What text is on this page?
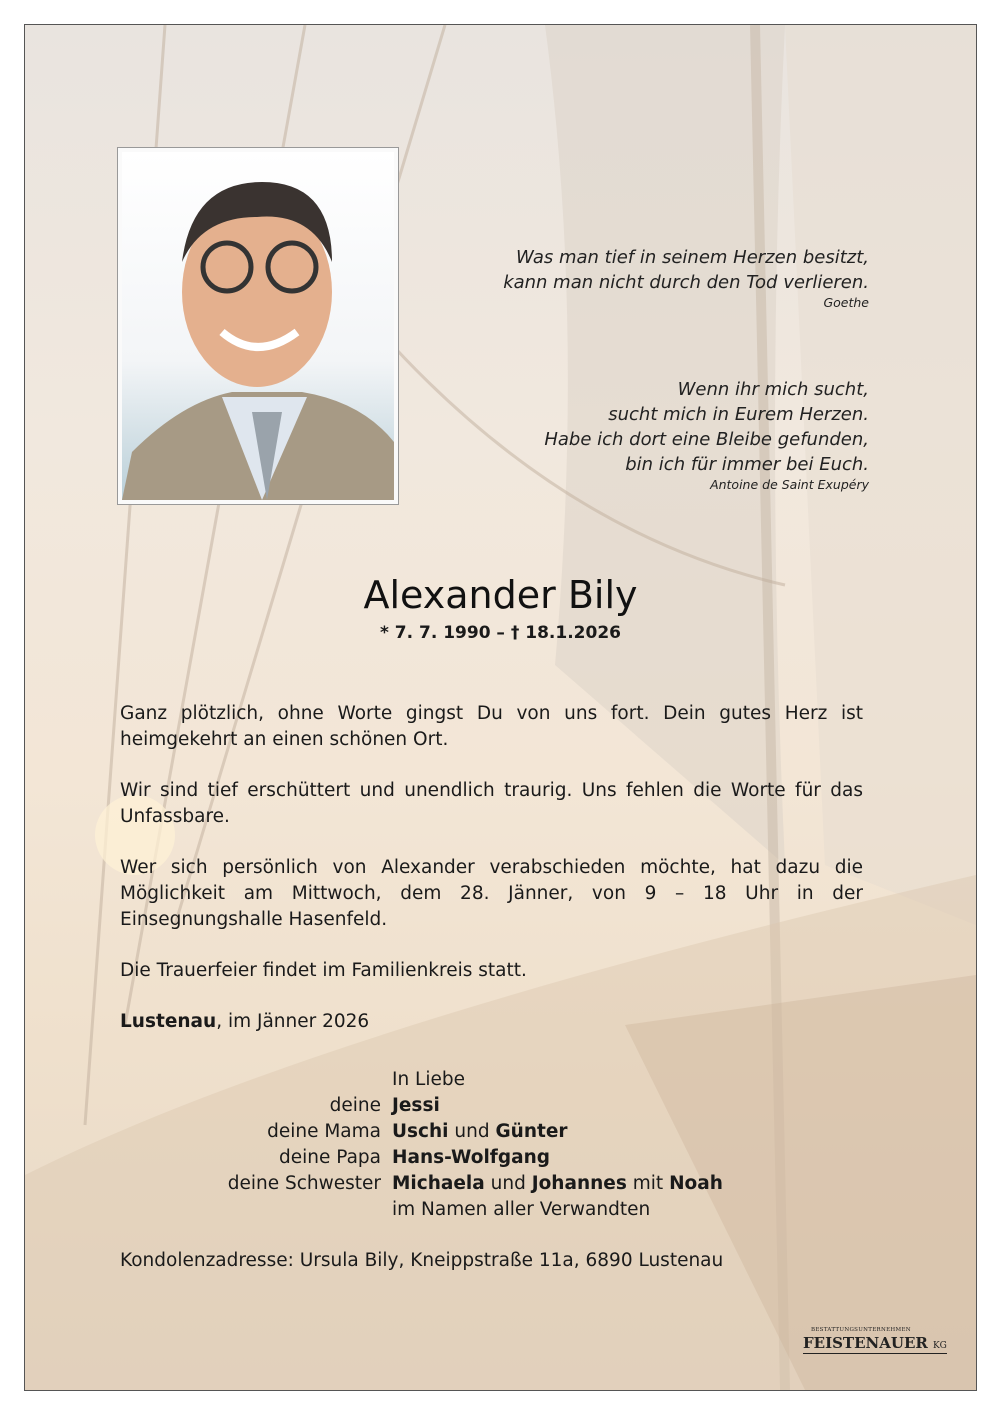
Was man tief in seinem Herzen besitzt,
kann man nicht durch den Tod verlieren.
Goethe
Wenn ihr mich sucht,
sucht mich in Eurem Herzen.
Habe ich dort eine Bleibe gefunden,
bin ich für immer bei Euch.
Antoine de Saint Exupéry
Alexander Bily
* 7. 7. 1990 – † 18.1.2026

Ganz plötzlich, ohne Worte gingst Du von uns fort. Dein gutes Herz ist heimgekehrt an einen schönen Ort.

Wir sind tief erschüttert und unendlich traurig. Uns fehlen die Worte für das Unfassbare.

Wer sich persönlich von Alexander verabschieden möchte, hat dazu die Möglichkeit am Mittwoch, dem 28. Jänner, von 9 – 18 Uhr in der Einsegnungshalle Hasenfeld.

Die Trauerfeier findet im Familienkreis statt.

Lustenau, im Jänner 2026

In Liebe
deine Jessi
deine Mama Uschi und Günter
deine Papa Hans-Wolfgang
deine Schwester Michaela und Johannes mit Noah
im Namen aller Verwandten
Kondolenzadresse: Ursula Bily, Kneippstraße 11a, 6890 Lustenau
BESTATTUNGSUNTERNEHMEN
FEISTENAUER KG
